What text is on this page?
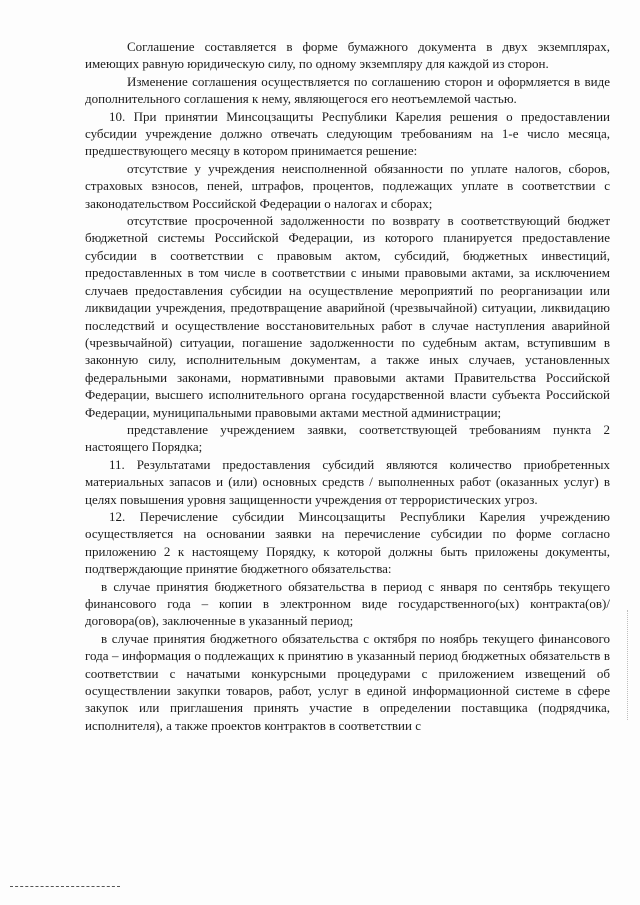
Соглашение составляется в форме бумажного документа в двух экземплярах, имеющих равную юридическую силу, по одному экземпляру для каждой из сторон.

Изменение соглашения осуществляется по соглашению сторон и оформляется в виде дополнительного соглашения к нему, являющегося его неотъемлемой частью.

10. При принятии Минсоцзащиты Республики Карелия решения о предоставлении субсидии учреждение должно отвечать следующим требованиям на 1-е число месяца, предшествующего месяцу в котором принимается решение:

отсутствие у учреждения неисполненной обязанности по уплате налогов, сборов, страховых взносов, пеней, штрафов, процентов, подлежащих уплате в соответствии с законодательством Российской Федерации о налогах и сборах;

отсутствие просроченной задолженности по возврату в соответствующий бюджет бюджетной системы Российской Федерации, из которого планируется предоставление субсидии в соответствии с правовым актом, субсидий, бюджетных инвестиций, предоставленных в том числе в соответствии с иными правовыми актами, за исключением случаев предоставления субсидии на осуществление мероприятий по реорганизации или ликвидации учреждения, предотвращение аварийной (чрезвычайной) ситуации, ликвидацию последствий и осуществление восстановительных работ в случае наступления аварийной (чрезвычайной) ситуации, погашение задолженности по судебным актам, вступившим в законную силу, исполнительным документам, а также иных случаев, установленных федеральными законами, нормативными правовыми актами Правительства Российской Федерации, высшего исполнительного органа государственной власти субъекта Российской Федерации, муниципальными правовыми актами местной администрации;

представление учреждением заявки, соответствующей требованиям пункта 2 настоящего Порядка;

11. Результатами предоставления субсидий являются количество приобретенных материальных запасов и (или) основных средств / выполненных работ (оказанных услуг) в целях повышения уровня защищенности учреждения от террористических угроз.

12. Перечисление субсидии Минсоцзащиты Республики Карелия учреждению осуществляется на основании заявки на перечисление субсидии по форме согласно приложению 2 к настоящему Порядку, к которой должны быть приложены документы, подтверждающие принятие бюджетного обязательства:

в случае принятия бюджетного обязательства в период с января по сентябрь текущего финансового года – копии в электронном виде государственного(ых) контракта(ов)/договора(ов), заключенные в указанный период;

в случае принятия бюджетного обязательства с октября по ноябрь текущего финансового года – информация о подлежащих к принятию в указанный период бюджетных обязательств в соответствии с начатыми конкурсными процедурами с приложением извещений об осуществлении закупки товаров, работ, услуг в единой информационной системе в сфере закупок или приглашения принять участие в определении поставщика (подрядчика, исполнителя), а также проектов контрактов в соответствии с
